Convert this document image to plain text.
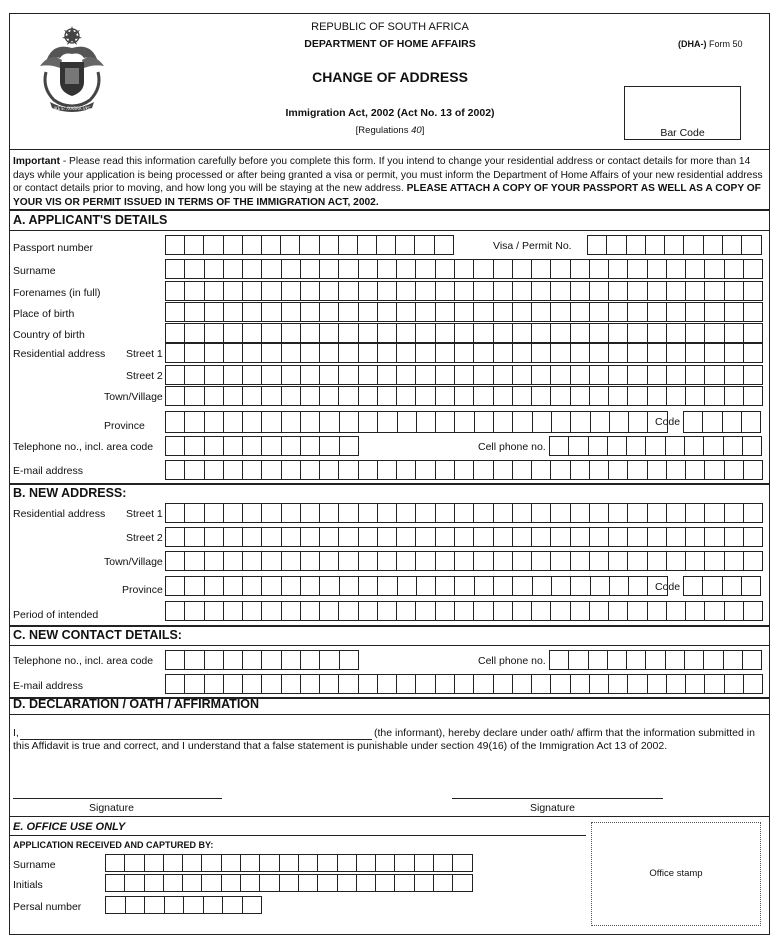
!KE E: /XARRA //KE
REPUBLIC OF SOUTH AFRICA
DEPARTMENT OF HOME AFFAIRS	(DHA-) Form 50
CHANGE OF ADDRESS
Immigration Act, 2002 (Act No. 13 of 2002)
[Regulations 40]	Bar Code
Important - Please read this information carefully before you complete this form. If you intend to change your residential address or contact details for more than 14 days while your application is being processed or after being granted a visa or permit, you must inform the Department of Home Affairs of your new residential address or contact details prior to moving, and how long you will be staying at the new address. PLEASE ATTACH A COPY OF YOUR PASSPORT AS WELL AS A COPY OF YOUR VIS OR PERMIT ISSUED IN TERMS OF THE IMMIGRATION ACT, 2002.
A. APPLICANT'S DETAILS
Passport number	Visa / Permit No.
Surname
Forenames (in full)
Place of birth
Country of birth
Residential address Street 1
Street 2
Town/Village
Province	Code
Telephone no., incl. area code	Cell phone no.
E-mail address
B. NEW ADDRESS:
Residential address Street 1
Street 2
Town/Village
Province	Code
Period of intended
C. NEW CONTACT DETAILS:
Telephone no., incl. area code	Cell phone no.
E-mail address
D. DECLARATION / OATH / AFFIRMATION
I,	(the informant), hereby declare under oath/ affirm that the information submitted in
this Affidavit is true and correct, and I understand that a false statement is punishable under section 49(16) of the Immigration Act 13 of 2002.
Signature	Signature
E. OFFICE USE ONLY
APPLICATION RECEIVED AND CAPTURED BY:
Surname
Initials
Persal number
Office stamp
